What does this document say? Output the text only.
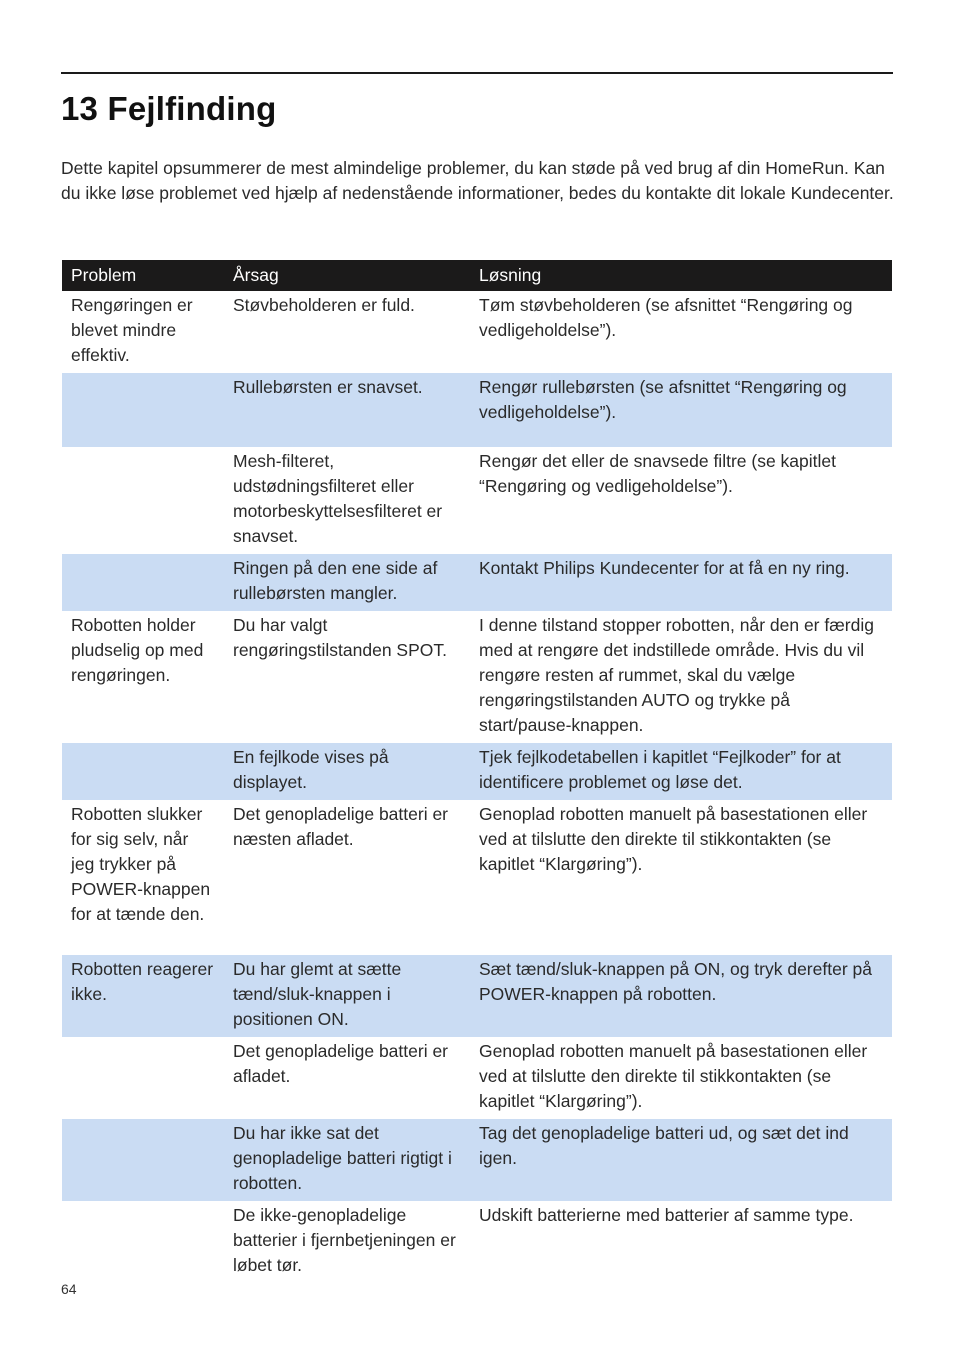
13 Fejlfinding

Dette kapitel opsummerer de mest almindelige problemer, du kan støde på ved brug af din HomeRun. Kan du ikke løse problemet ved hjælp af nedenstående informationer, bedes du kontakte dit lokale Kundecenter.

Problem	Årsag	Løsning
Rengøringen er blevet mindre effektiv.	Støvbeholderen er fuld.	Tøm støvbeholderen (se afsnittet “Rengøring og vedligeholdelse”).
	Rullebørsten er snavset.	Rengør rullebørsten (se afsnittet “Rengøring og vedligeholdelse”).
	Mesh-filteret, udstødningsfilteret eller motorbeskyttelsesfilteret er snavset.	Rengør det eller de snavsede filtre (se kapitlet “Rengøring og vedligeholdelse”).
	Ringen på den ene side af rullebørsten mangler.	Kontakt Philips Kundecenter for at få en ny ring.
Robotten holder pludselig op med rengøringen.	Du har valgt rengøringstilstanden SPOT.	I denne tilstand stopper robotten, når den er færdig med at rengøre det indstillede område. Hvis du vil rengøre resten af rummet, skal du vælge rengøringstilstanden AUTO og trykke på start/pause-knappen.
	En fejlkode vises på displayet.	Tjek fejlkodetabellen i kapitlet “Fejlkoder” for at identificere problemet og løse det.
Robotten slukker for sig selv, når jeg trykker på POWER-knappen for at tænde den.	Det genopladelige batteri er næsten afladet.	Genoplad robotten manuelt på basestationen eller ved at tilslutte den direkte til stikkontakten (se kapitlet “Klargøring”).
Robotten reagerer ikke.	Du har glemt at sætte tænd/sluk-knappen i positionen ON.	Sæt tænd/sluk-knappen på ON, og tryk derefter på POWER-knappen på robotten.
	Det genopladelige batteri er afladet.	Genoplad robotten manuelt på basestationen eller ved at tilslutte den direkte til stikkontakten (se kapitlet “Klargøring”).
	Du har ikke sat det genopladelige batteri rigtigt i robotten.	Tag det genopladelige batteri ud, og sæt det ind igen.
	De ikke-genopladelige batterier i fjernbetjeningen er løbet tør.	Udskift batterierne med batterier af samme type.
64
